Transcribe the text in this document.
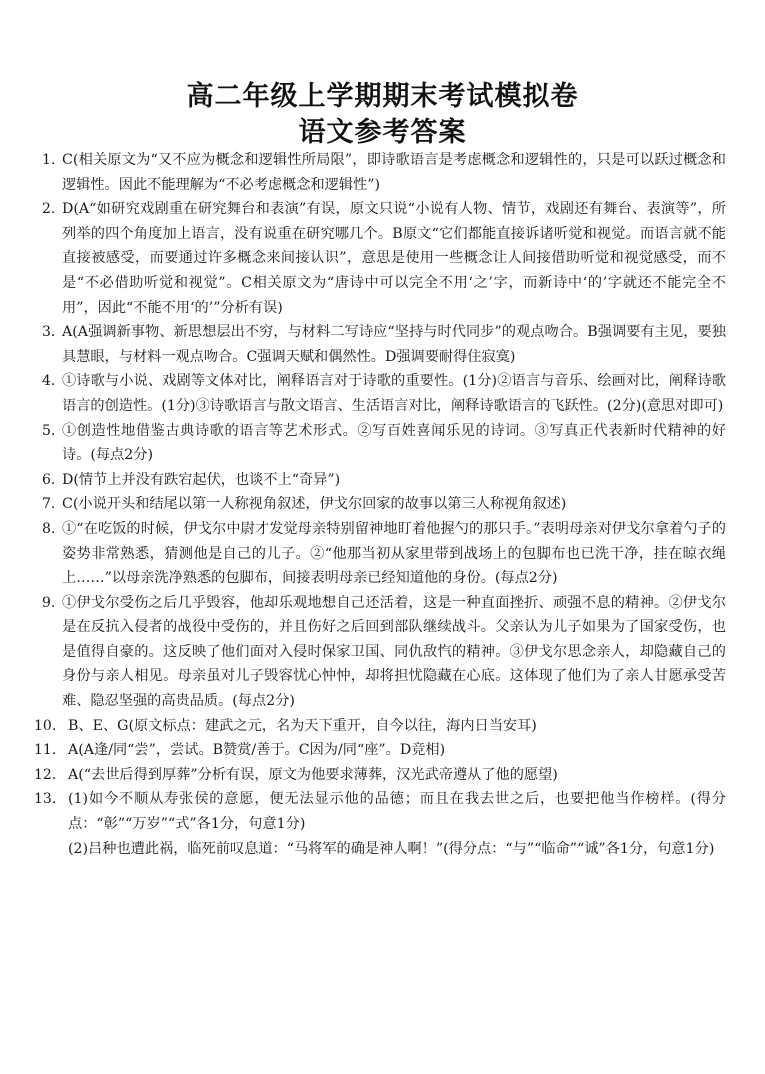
高二年级上学期期末考试模拟卷
语文参考答案
1. C(相关原文为“又不应为概念和逻辑性所局限”，即诗歌语言是考虑概念和逻辑性的，只是可以跃过概念和逻辑性。因此不能理解为“不必考虑概念和逻辑性”)
2. D(A“如研究戏剧重在研究舞台和表演”有误，原文只说“小说有人物、情节，戏剧还有舞台、表演等”，所列举的四个角度加上语言，没有说重在研究哪几个。B原文“它们都能直接诉诸听觉和视觉。而语言就不能直接被感受，而要通过许多概念来间接认识”，意思是使用一些概念让人间接借助听觉和视觉感受，而不是“不必借助听觉和视觉”。C相关原文为“唐诗中可以完全不用‘之’字，而新诗中‘的’字就还不能完全不用”，因此“不能不用‘的’”分析有误)
3. A(A强调新事物、新思想层出不穷，与材料二写诗应“坚持与时代同步”的观点吻合。B强调要有主见，要独具慧眼，与材料一观点吻合。C强调天赋和偶然性。D强调要耐得住寂寞)
4. ①诗歌与小说、戏剧等文体对比，阐释语言对于诗歌的重要性。(1分)②语言与音乐、绘画对比，阐释诗歌语言的创造性。(1分)③诗歌语言与散文语言、生活语言对比，阐释诗歌语言的飞跃性。(2分)(意思对即可)
5. ①创造性地借鉴古典诗歌的语言等艺术形式。②写百姓喜闻乐见的诗词。③写真正代表新时代精神的好诗。(每点2分)
6. D(情节上并没有跌宕起伏，也谈不上“奇异”)
7. C(小说开头和结尾以第一人称视角叙述，伊戈尔回家的故事以第三人称视角叙述)
8. ①“在吃饭的时候，伊戈尔中尉才发觉母亲特别留神地盯着他握勺的那只手。”表明母亲对伊戈尔拿着勺子的姿势非常熟悉，猜测他是自己的儿子。②“他那当初从家里带到战场上的包脚布也已洗干净，挂在晾衣绳上……”以母亲洗净熟悉的包脚布，间接表明母亲已经知道他的身份。(每点2分)
9. ①伊戈尔受伤之后几乎毁容，他却乐观地想自己还活着，这是一种直面挫折、顽强不息的精神。②伊戈尔是在反抗入侵者的战役中受伤的，并且伤好之后回到部队继续战斗。父亲认为儿子如果为了国家受伤，也是值得自豪的。这反映了他们面对入侵时保家卫国、同仇敌忾的精神。③伊戈尔思念亲人，却隐藏自己的身份与亲人相见。母亲虽对儿子毁容忧心忡忡，却将担忧隐藏在心底。这体现了他们为了亲人甘愿承受苦难、隐忍坚强的高贵品质。(每点2分)
10. B、E、G(原文标点：建武之元，名为天下重开，自今以往，海内日当安耳)
11. A(A逢/同“尝”，尝试。B赞赏/善于。C因为/同“座”。D竞相)
12. A(“去世后得到厚葬”分析有误，原文为他要求薄葬，汉光武帝遵从了他的愿望)
13. (1)如今不顺从寿张侯的意愿，便无法显示他的品德；而且在我去世之后，也要把他当作榜样。(得分点：“彰”“万岁”“式”各1分，句意1分)
(2)吕种也遭此祸，临死前叹息道：“马将军的确是神人啊！”(得分点：“与”“临命”“诚”各1分，句意1分)
